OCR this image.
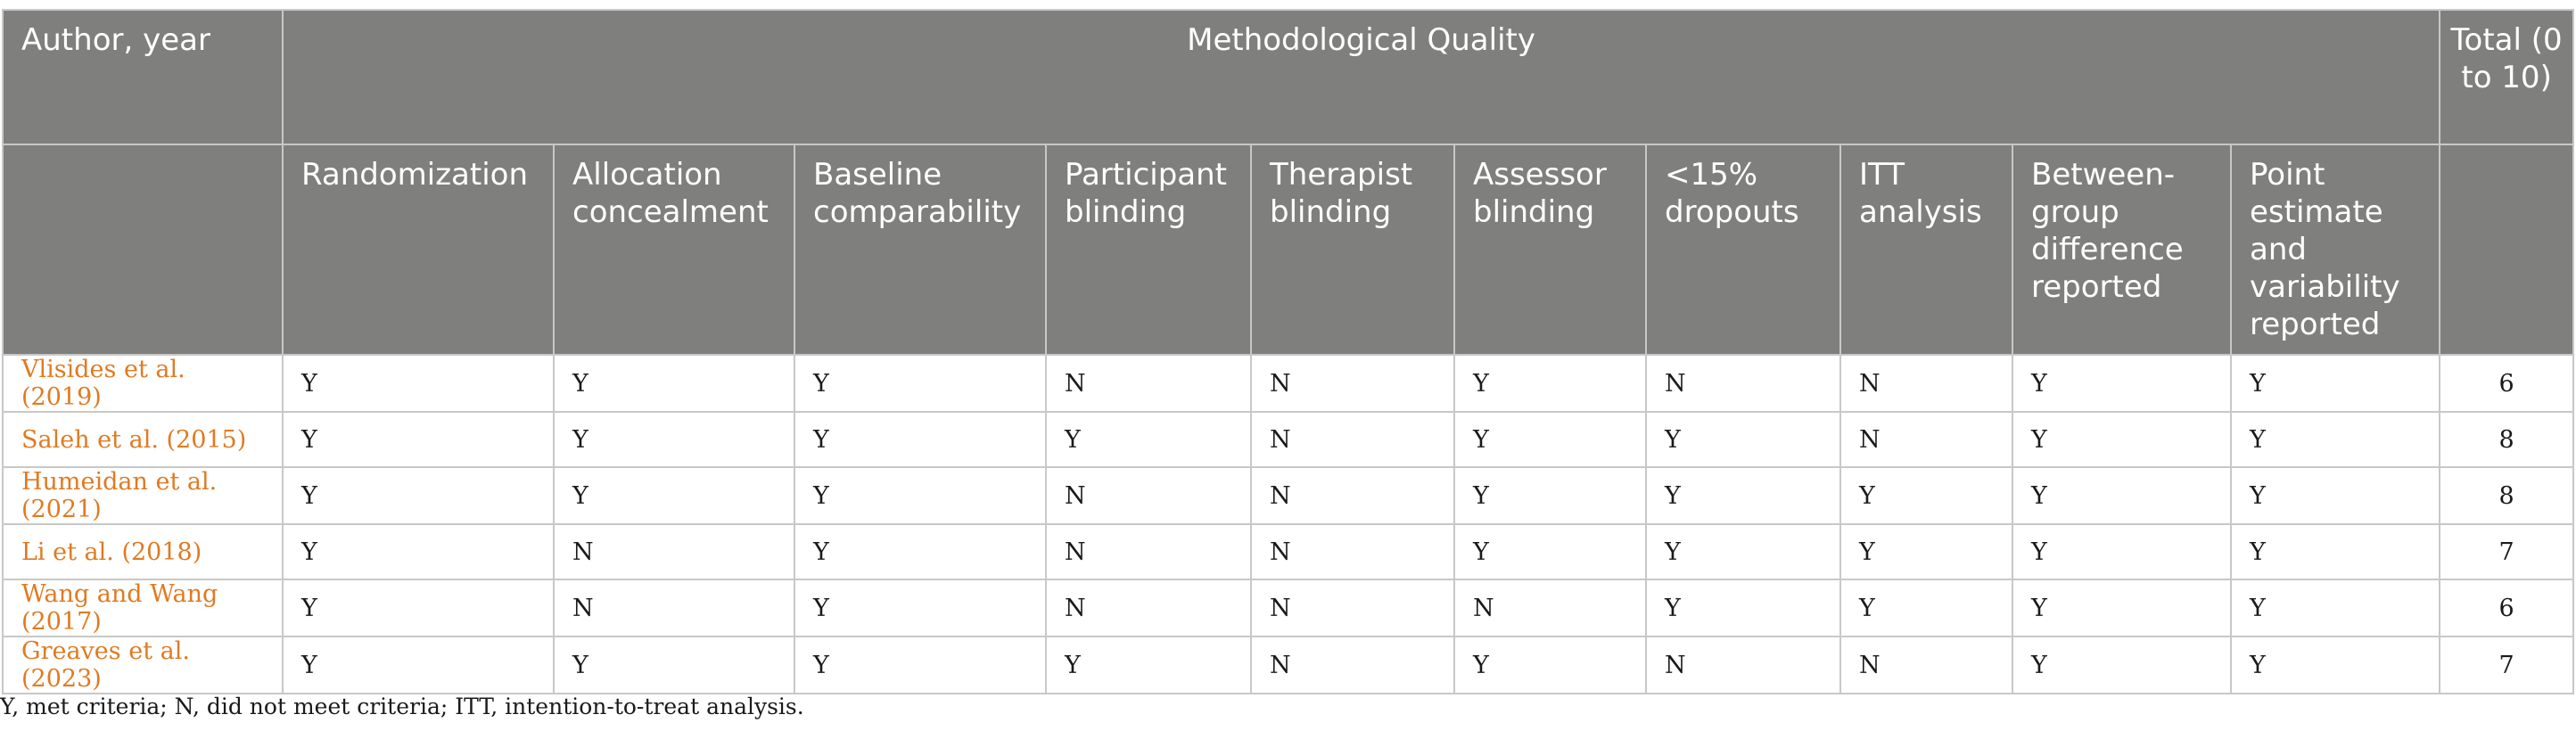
Author, year	Methodological Quality										Total (0 to 10)
	Randomization	Allocation concealment	Baseline comparability	Participant blinding	Therapist blinding	Assessor blinding	<15% dropouts	ITT analysis	Between-group difference reported	Point estimate and variability reported	
Vlisides et al. (2019)	Y	Y	Y	N	N	Y	N	N	Y	Y	6
Saleh et al. (2015)	Y	Y	Y	Y	N	Y	Y	N	Y	Y	8
Humeidan et al. (2021)	Y	Y	Y	N	N	Y	Y	Y	Y	Y	8
Li et al. (2018)	Y	N	Y	N	N	Y	Y	Y	Y	Y	7
Wang and Wang (2017)	Y	N	Y	N	N	N	Y	Y	Y	Y	6
Greaves et al. (2023)	Y	Y	Y	Y	N	Y	N	N	Y	Y	7
Y, met criteria; N, did not meet criteria; ITT, intention-to-treat analysis.
